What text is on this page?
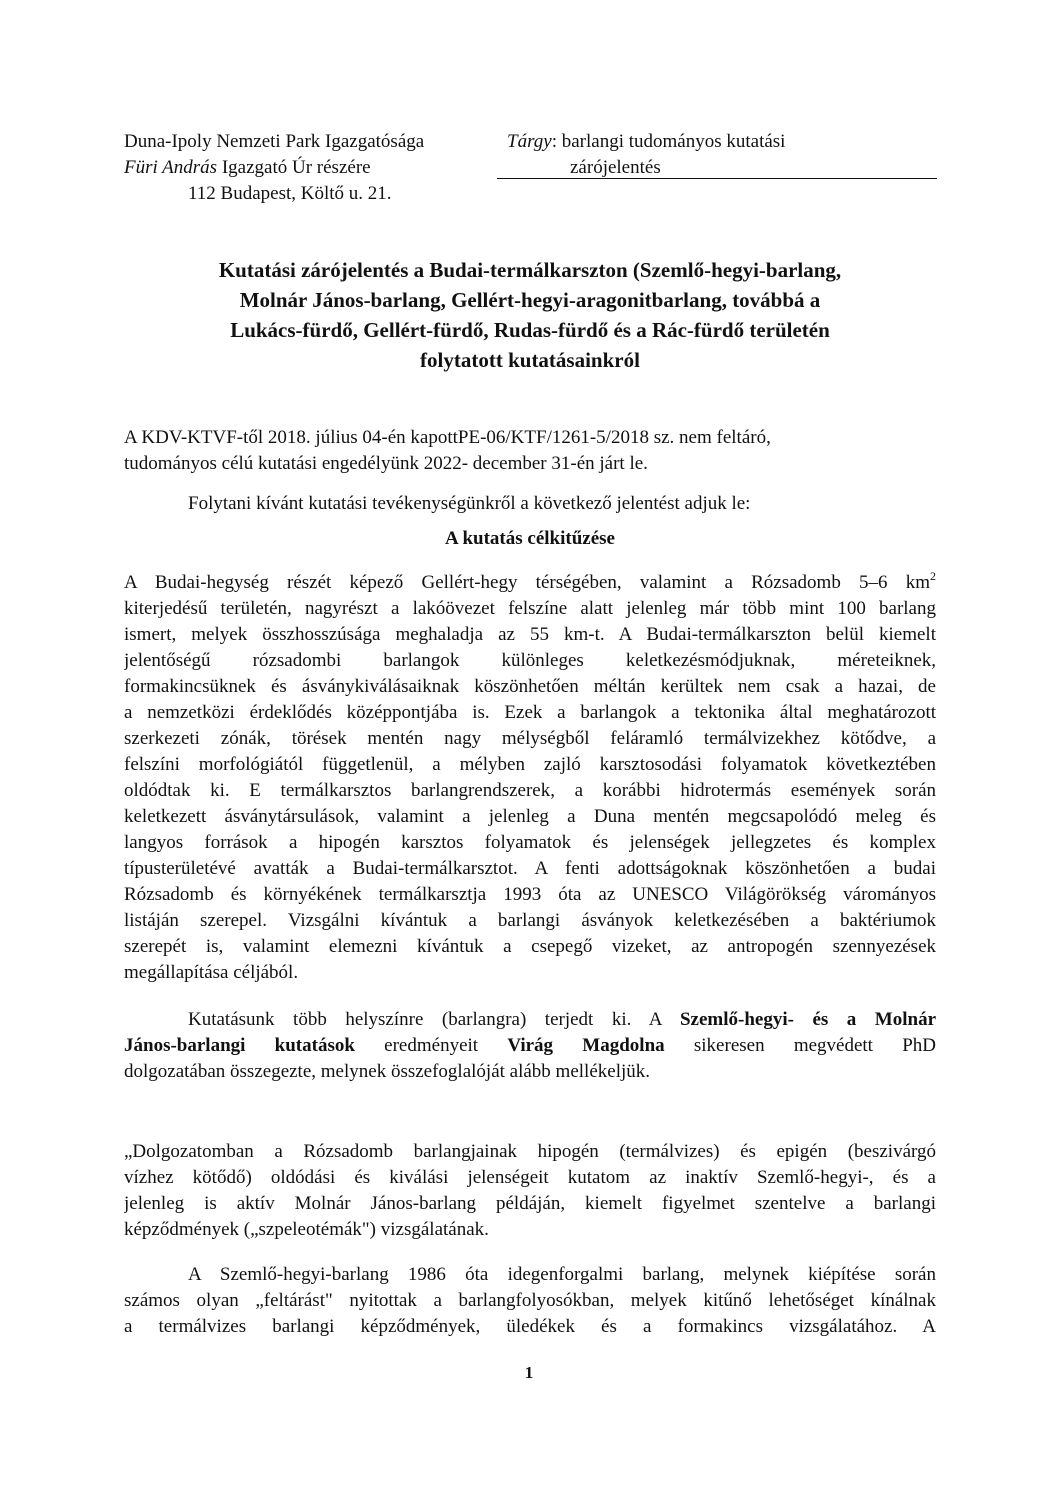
Duna-Ipoly Nemzeti Park Igazgatósága
Füri András Igazgató Úr részére
Tárgy: barlangi tudományos kutatási
zárójelentés
112 Budapest, Költő u. 21.
Kutatási zárójelentés a Budai-termálkarszton (Szemlő-hegyi-barlang,
Molnár János-barlang, Gellért-hegyi-aragonitbarlang, továbbá a
Lukács-fürdő, Gellért-fürdő, Rudas-fürdő és a Rác-fürdő területén
folytatott kutatásainkról
A KDV-KTVF-től 2018. július 04-én kapottPE-06/KTF/1261-5/2018 sz. nem feltáró,
tudományos célú kutatási engedélyünk 2022- december 31-én járt le.
Folytani kívánt kutatási tevékenységünkről a következő jelentést adjuk le:
A kutatás célkitűzése
A Budai-hegység részét képező Gellért-hegy térségében, valamint a Rózsadomb 5–6 $km^2$
kiterjedésű területén, nagyrészt a lakóövezet felszíne alatt jelenleg már több mint 100 barlang
ismert, melyek összhosszúsága meghaladja az 55 km-t. A Budai-termálkarszton belül kiemelt
jelentőségű rózsadombi barlangok különleges keletkezésmódjuknak, méreteiknek,
formakincsüknek és ásványkiválásaiknak köszönhetően méltán kerültek nem csak a hazai, de
a nemzetközi érdeklődés középpontjába is. Ezek a barlangok a tektonika által meghatározott
szerkezeti zónák, törések mentén nagy mélységből feláramló termálvizekhez kötődve, a
felszíni morfológiától függetlenül, a mélyben zajló karsztosodási folyamatok következtében
oldódtak ki. E termálkarsztos barlangrendszerek, a korábbi hidrotermás események során
keletkezett ásványtársulások, valamint a jelenleg a Duna mentén megcsapolódó meleg és
langyos források a hipogén karsztos folyamatok és jelenségek jellegzetes és komplex
típusterületévé avatták a Budai-termálkarsztot. A fenti adottságoknak köszönhetően a budai
Rózsadomb és környékének termálkarsztja 1993 óta az UNESCO Világörökség várományos
listáján szerepel. Vizsgálni kívántuk a barlangi ásványok keletkezésében a baktériumok
szerepét is, valamint elemezni kívántuk a csepegő vizeket, az antropogén szennyezések
megállapítása céljából.
Kutatásunk több helyszínre (barlangra) terjedt ki. A Szemlő-hegyi- és a Molnár
János-barlangi kutatások eredményeit Virág Magdolna sikeresen megvédett PhD
dolgozatában összegezte, melynek összefoglalóját alább mellékeljük.
„Dolgozatomban a Rózsadomb barlangjainak hipogén (termálvizes) és epigén (beszivárgó
vízhez kötődő) oldódási és kiválási jelenségeit kutatom az inaktív Szemlő-hegyi-, és a
jelenleg is aktív Molnár János-barlang példáján, kiemelt figyelmet szentelve a barlangi
képződmények („szpeleotémák") vizsgálatának.
A Szemlő-hegyi-barlang 1986 óta idegenforgalmi barlang, melynek kiépítése során
számos olyan „feltárást" nyitottak a barlangfolyosókban, melyek kitűnő lehetőséget kínálnak
a termálvizes barlangi képződmények, üledékek és a formakincs vizsgálatához. A
1
